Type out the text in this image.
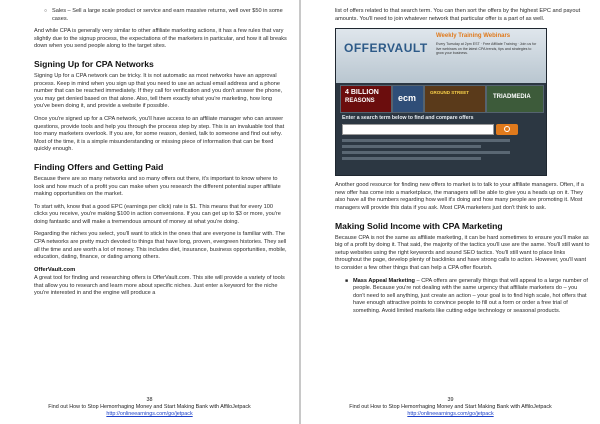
○ Sales – Sell a large scale product or service and earn massive returns, well over $50 in some cases.

And while CPA is generally very similar to other affiliate marketing actions, it has a few rules that vary slightly due to the signup process, the expectations of the marketers in particular, and how it all breaks down when you send people along to the target sites.

Signing Up for CPA Networks

Signing Up for a CPA network can be tricky. It is not automatic as most networks have an approval process. Keep in mind when you sign up that you need to use an actual email address and a phone number that can be reached immediately. If they call for verification and you don't answer the phone, you may get denied based on that alone. Also, tell them exactly what you're marketing, how long you've been doing it, and provide a website if possible.

Once you're signed up for a CPA network, you'll have access to an affiliate manager who can answer questions, provide tools and help you through the process step by step. This is an invaluable tool that too many marketers overlook. If you are, for some reason, denied, talk to someone and find out why. Most of the time, it is a simple misunderstanding or missing piece of information that can be fixed quickly enough.

Finding Offers and Getting Paid

Because there are so many networks and so many offers out there, it's important to know where to look and how much of a profit you can make when you research the different potential super affiliate making opportunities on the market.

To start with, know that a good EPC (earnings per click) rate is $1. This means that for every 100 clicks you receive, you're making $100 in action conversions. If you can get up to $3 or more, you're doing fantastic and will make a tremendous amount of money at what you're doing.

Regarding the niches you select, you'll want to stick in the ones that are everyone is familiar with. The CPA networks are pretty much devoted to things that have long, proven, evergreen histories. They sell all the time and are worth a lot of money. This includes diet, insurance, business opportunities, mobile, education, dating, finance, or dating among others.

OfferVault.com

A great tool for finding and researching offers is OfferVault.com. This site will provide a variety of tools that allow you to research and learn more about specific niches. Just enter a keyword for the niche you're interested in and the engine will produce a

38
Find out How to Stop Hemorrhaging Money and Start Making Bank with AffiloJetpack
http://onlineearnings.com/go/jetpack

list of offers related to that search term. You can then sort the offers by the highest EPC and payout amounts. You'll need to join whatever network that particular offer is a part of as well.

OFFERVAULT
Weekly Training Webinars
Every Tuesday at 2pm EST · Free Affiliate Training · Join us for live webinars on the latest CPA trends, tips and strategies to grow your business.
4 BILLION
REASONS	ecm
GROUND STREET
TRIADMEDIA
Enter a search term below to find and compare offers

Another good resource for finding new offers to market is to talk to your affiliate managers. Often, if a new offer has come into a marketplace, the managers will be able to give you a heads up on it. They also have all the numbers regarding how well it's doing and how many people are promoting it. Most managers will provide this data if you ask. Most CPA marketers just don't think to ask.

Making Solid Income with CPA Marketing

Because CPA is not the same as affiliate marketing, it can be hard sometimes to ensure you'll make as big of a profit by doing it. That said, the majority of the tactics you'll use are the same. You'll still want to setup websites using the right keywords and sound SEO tactics. You'll still want to place links throughout the page, develop plenty of backlinks and have strong calls to action. However, you'll want to consider a few other things that can help a CPA offer flourish.

■ Mass Appeal Marketing – CPA offers are generally things that will appeal to a large number of people. Because you're not dealing with the same urgency that affiliate marketers do – you don't need to sell anything, just create an action – your goal is to find high scale, hot offers that have enough attractive points to convince people to fill out a form or order a free trial of something. Avoid limited markets like cutting edge technology or seasonal products.
39
Find out How to Stop Hemorrhaging Money and Start Making Bank with AffiloJetpack
http://onlineearnings.com/go/jetpack
